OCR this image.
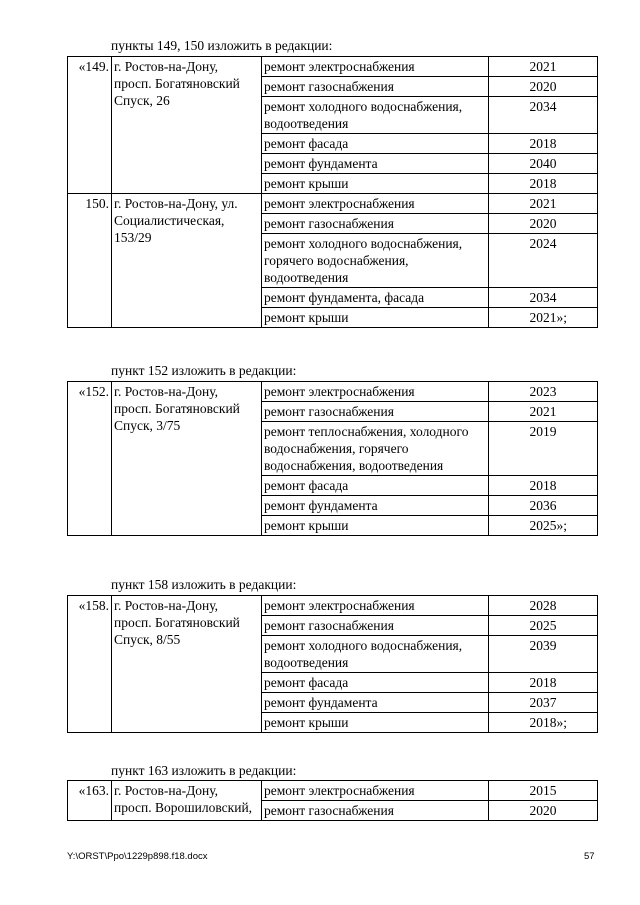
пункты 149, 150 изложить в редакции:
«149.	г. Ростов-на-Дону, просп. Богатяновский Спуск, 26	ремонт электроснабжения	2021
		ремонт газоснабжения	2020
		ремонт холодного водоснабжения, водоотведения	2034
		ремонт фасада	2018
		ремонт фундамента	2040
		ремонт крыши	2018
150.	г. Ростов-на-Дону, ул. Социалистическая, 153/29	ремонт электроснабжения	2021
		ремонт газоснабжения	2020
		ремонт холодного водоснабжения, горячего водоснабжения, водоотведения	2024
		ремонт фундамента, фасада	2034
		ремонт крыши	2021»;
пункт 152 изложить в редакции:
«152.	г. Ростов-на-Дону, просп. Богатяновский Спуск, 3/75	ремонт электроснабжения	2023
		ремонт газоснабжения	2021
		ремонт теплоснабжения, холодного водоснабжения, горячего водоснабжения, водоотведения	2019
		ремонт фасада	2018
		ремонт фундамента	2036
		ремонт крыши	2025»;
пункт 158 изложить в редакции:
«158.	г. Ростов-на-Дону, просп. Богатяновский Спуск, 8/55	ремонт электроснабжения	2028
		ремонт газоснабжения	2025
		ремонт холодного водоснабжения, водоотведения	2039
		ремонт фасада	2018
		ремонт фундамента	2037
		ремонт крыши	2018»;
пункт 163 изложить в редакции:
«163.	г. Ростов-на-Дону, просп. Ворошиловский,	ремонт электроснабжения	2015
		ремонт газоснабжения	2020
Y:\ORST\Ppo\1229p898.f18.docx	57
